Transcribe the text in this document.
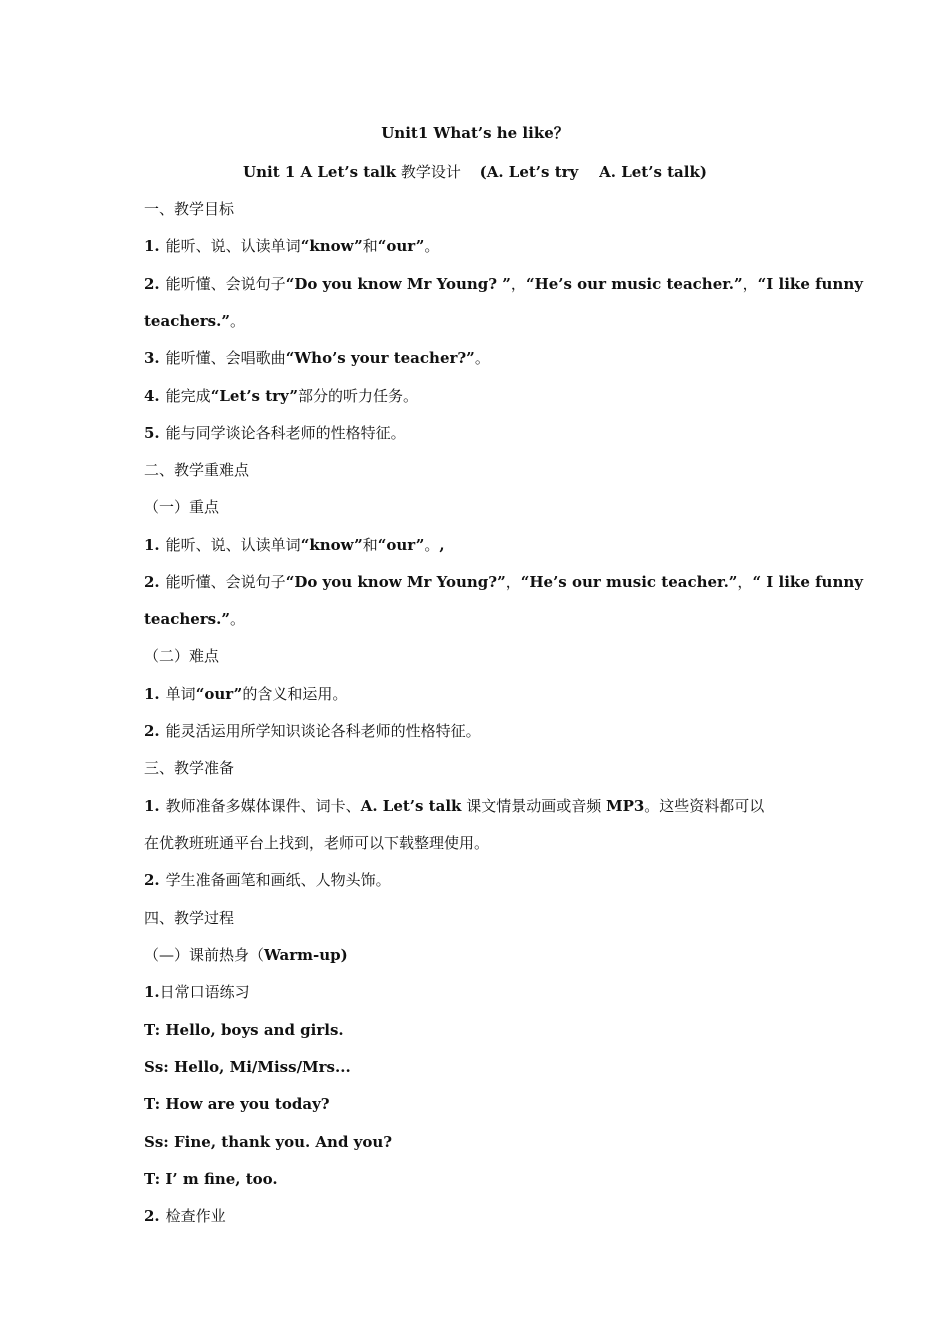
Unit1 What’s he like？
Unit 1 A Let’s talk 教学设计 (A. Let’s try    A. Let’s talk)
一、教学目标
1. 能听、说、认读单词“know”和“our”。
2. 能听懂、会说句子“Do you know Mr Young? ”，“He’s our music teacher.”，“I like funny
teachers.”。
3. 能听懂、会唱歌曲“Who’s your teacher?”。
4. 能完成“Let’s try”部分的听力任务。
5. 能与同学谈论各科老师的性格特征。
二、教学重难点
（一）重点
1. 能听、说、认读单词“know”和“our”。,
2. 能听懂、会说句子“Do you know Mr Young?”，“He’s our music teacher.”，“ I like funny
teachers.”。
（二）难点
1. 单词“our”的含义和运用。
2. 能灵活运用所学知识谈论各科老师的性格特征。
三、教学准备
1. 教师准备多媒体课件、词卡、A. Let’s talk 课文情景动画或音频 MP3。这些资料都可以
在优教班班通平台上找到，老师可以下载整理使用。
2. 学生准备画笔和画纸、人物头饰。
四、教学过程
（—）课前热身（Warm-up)
1.日常口语练习
T: Hello, boys and girls.
Ss: Hello, Mi/Miss/Mrs...
T: How are you today?
Ss: Fine, thank you. And you?
T: I’ m fine, too.
2. 检查作业
